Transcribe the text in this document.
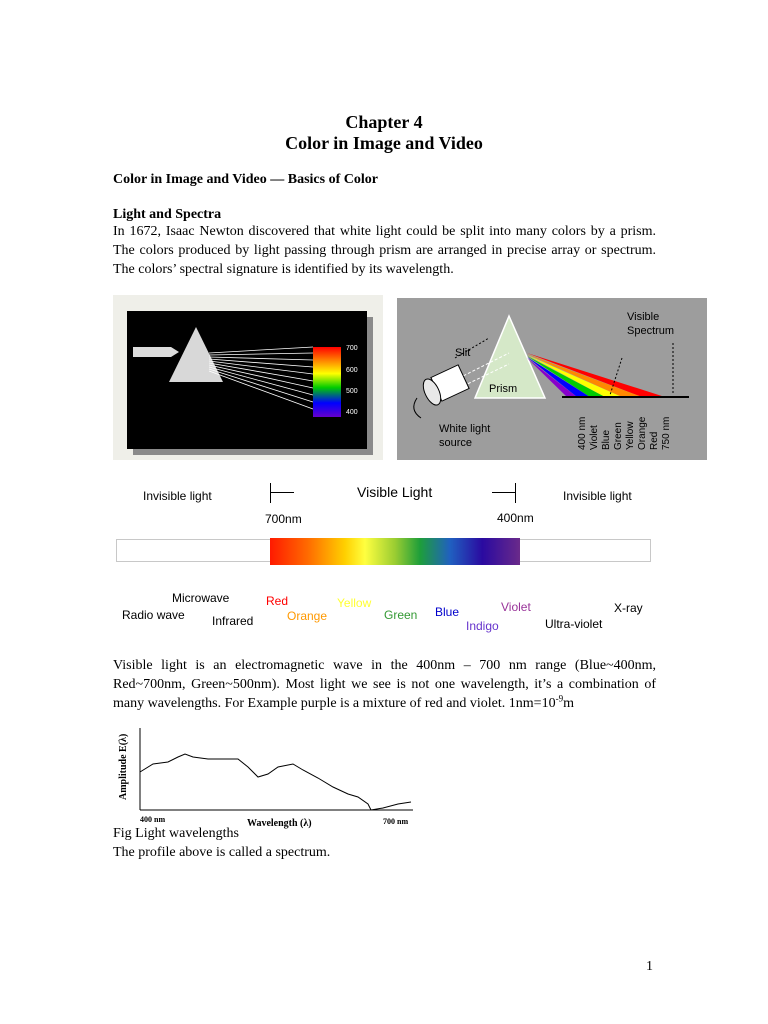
Chapter 4
Color in Image and Video
Color in Image and Video — Basics of Color
Light and Spectra
In 1672, Isaac Newton discovered that white light could be split into many colors by a prism. The colors produced by light passing through prism are arranged in precise array or spectrum. The colors’ spectral signature is identified by its wavelength.
700
600
500
400
Visible
Spectrum
Slit
Prism
White light
source	400 nm Violet Blue Green Yellow Orange Red 750 nm
Invisible light	Visible Light	Invisible light
700nm	400nm
Microwave
Radio wave Infrared
Red
Orange
Yellow
Green Blue
Indigo
Violet
Ultra-violet
X-ray
Visible light is an electromagnetic wave in the 400nm – 700 nm range (Blue~400nm, Red~700nm, Green~500nm). Most light we see is not one wavelength, it’s a combination of many wavelengths. For Example purple is a mixture of red and violet. $1nm=10^{-9}m$
Amplitude E(λ)
400 nm	Wavelength (λ)	700 nm
Fig Light wavelengths
The profile above is called a spectrum.
1
